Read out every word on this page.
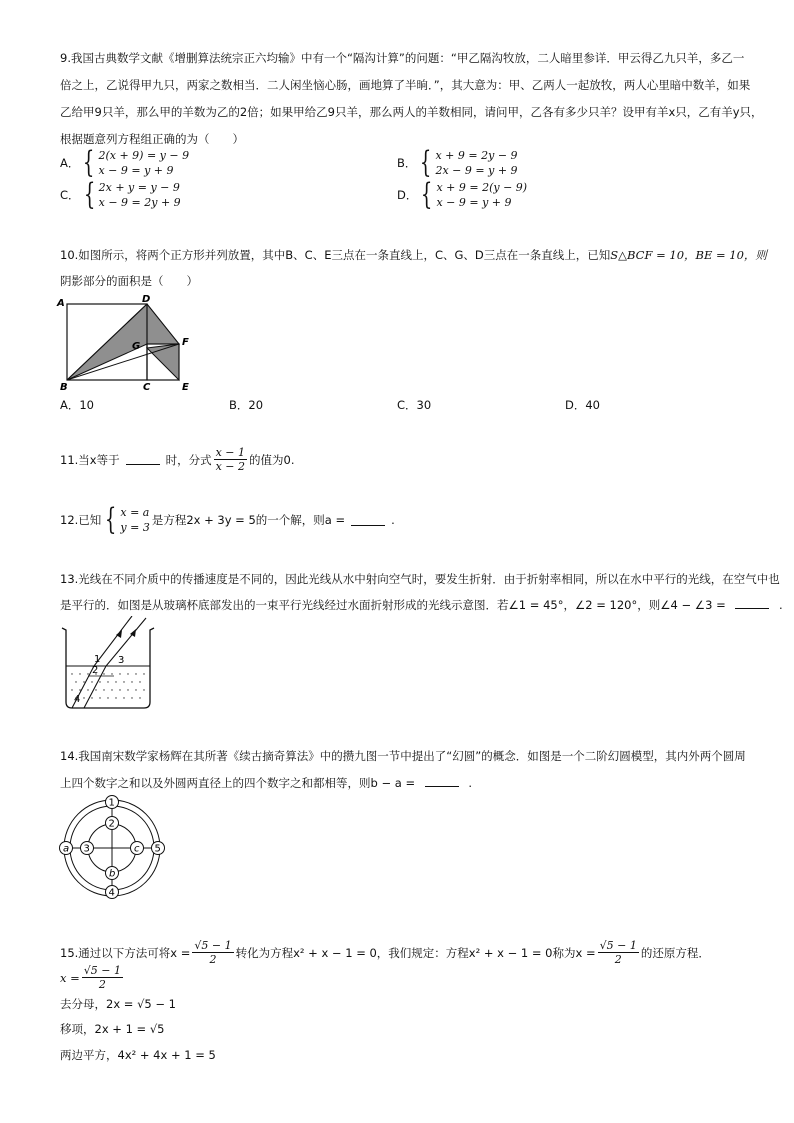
9.我国古典数学文献《增删算法统宗正六均输》中有一个“隔沟计算”的问题：“甲乙隔沟牧放，二人暗里参详．甲云得乙九只羊，多乙一
倍之上，乙说得甲九只，两家之数相当．二人闲坐恼心肠，画地算了半晌．”，其大意为：甲、乙两人一起放牧，两人心里暗中数羊，如果
乙给甲9只羊，那么甲的羊数为乙的2倍；如果甲给乙9只羊，那么两人的羊数相同，请问甲，乙各有多少只羊？设甲有羊x只，乙有羊y只，
根据题意列方程组正确的为（　　）
A． { 2(x + 9) = y − 9
x − 9 = y + 9
B． { x + 9 = 2y − 9
2x − 9 = y + 9
C． { 2x + y = y − 9
x − 9 = 2y + 9
D． { x + 9 = 2(y − 9)
x − 9 = y + 9
10.如图所示，将两个正方形并列放置，其中B、C、E三点在一条直线上，C、G、D三点在一条直线上，已知S△BCF = 10，BE = 10，则
阴影部分的面积是（　　）
A	D
G	F
B	C	E
A．10	B．20	C．30	D．40
11.当x等于	时，分式 $\frac{x - 1}{x - 2}$ 的值为0.
12.已知 { x = a
y = 3
是方程2x + 3y = 5的一个解，则a =	.
13.光线在不同介质中的传播速度是不同的，因此光线从水中射向空气时，要发生折射．由于折射率相同，所以在水中平行的光线，在空气中也
是平行的．如图是从玻璃杯底部发出的一束平行光线经过水面折射形成的光线示意图．若∠1 = 45°，∠2 = 120°，则∠4 − ∠3 =	.
1
2
3
4
14.我国南宋数学家杨辉在其所著《续古摘奇算法》中的攒九图一节中提出了“幻圆”的概念．如图是一个二阶幻圆模型，其内外两个圆周
上四个数字之和以及外圆两直径上的四个数字之和都相等，则b − a =	.
1
2
3
b
4
c
a	5
15.通过以下方法可将$x = \frac{√5 - 1}{2}$ 转化为方程x² + x − 1 = 0，我们规定：方程x² + x − 1 = 0称为$x = \frac{√5 - 1}{2}$ 的还原方程．
$x = \frac{√5 - 1}{2}$
去分母，2x = √5 − 1
移项，2x + 1 = √5
两边平方，4x² + 4x + 1 = 5
